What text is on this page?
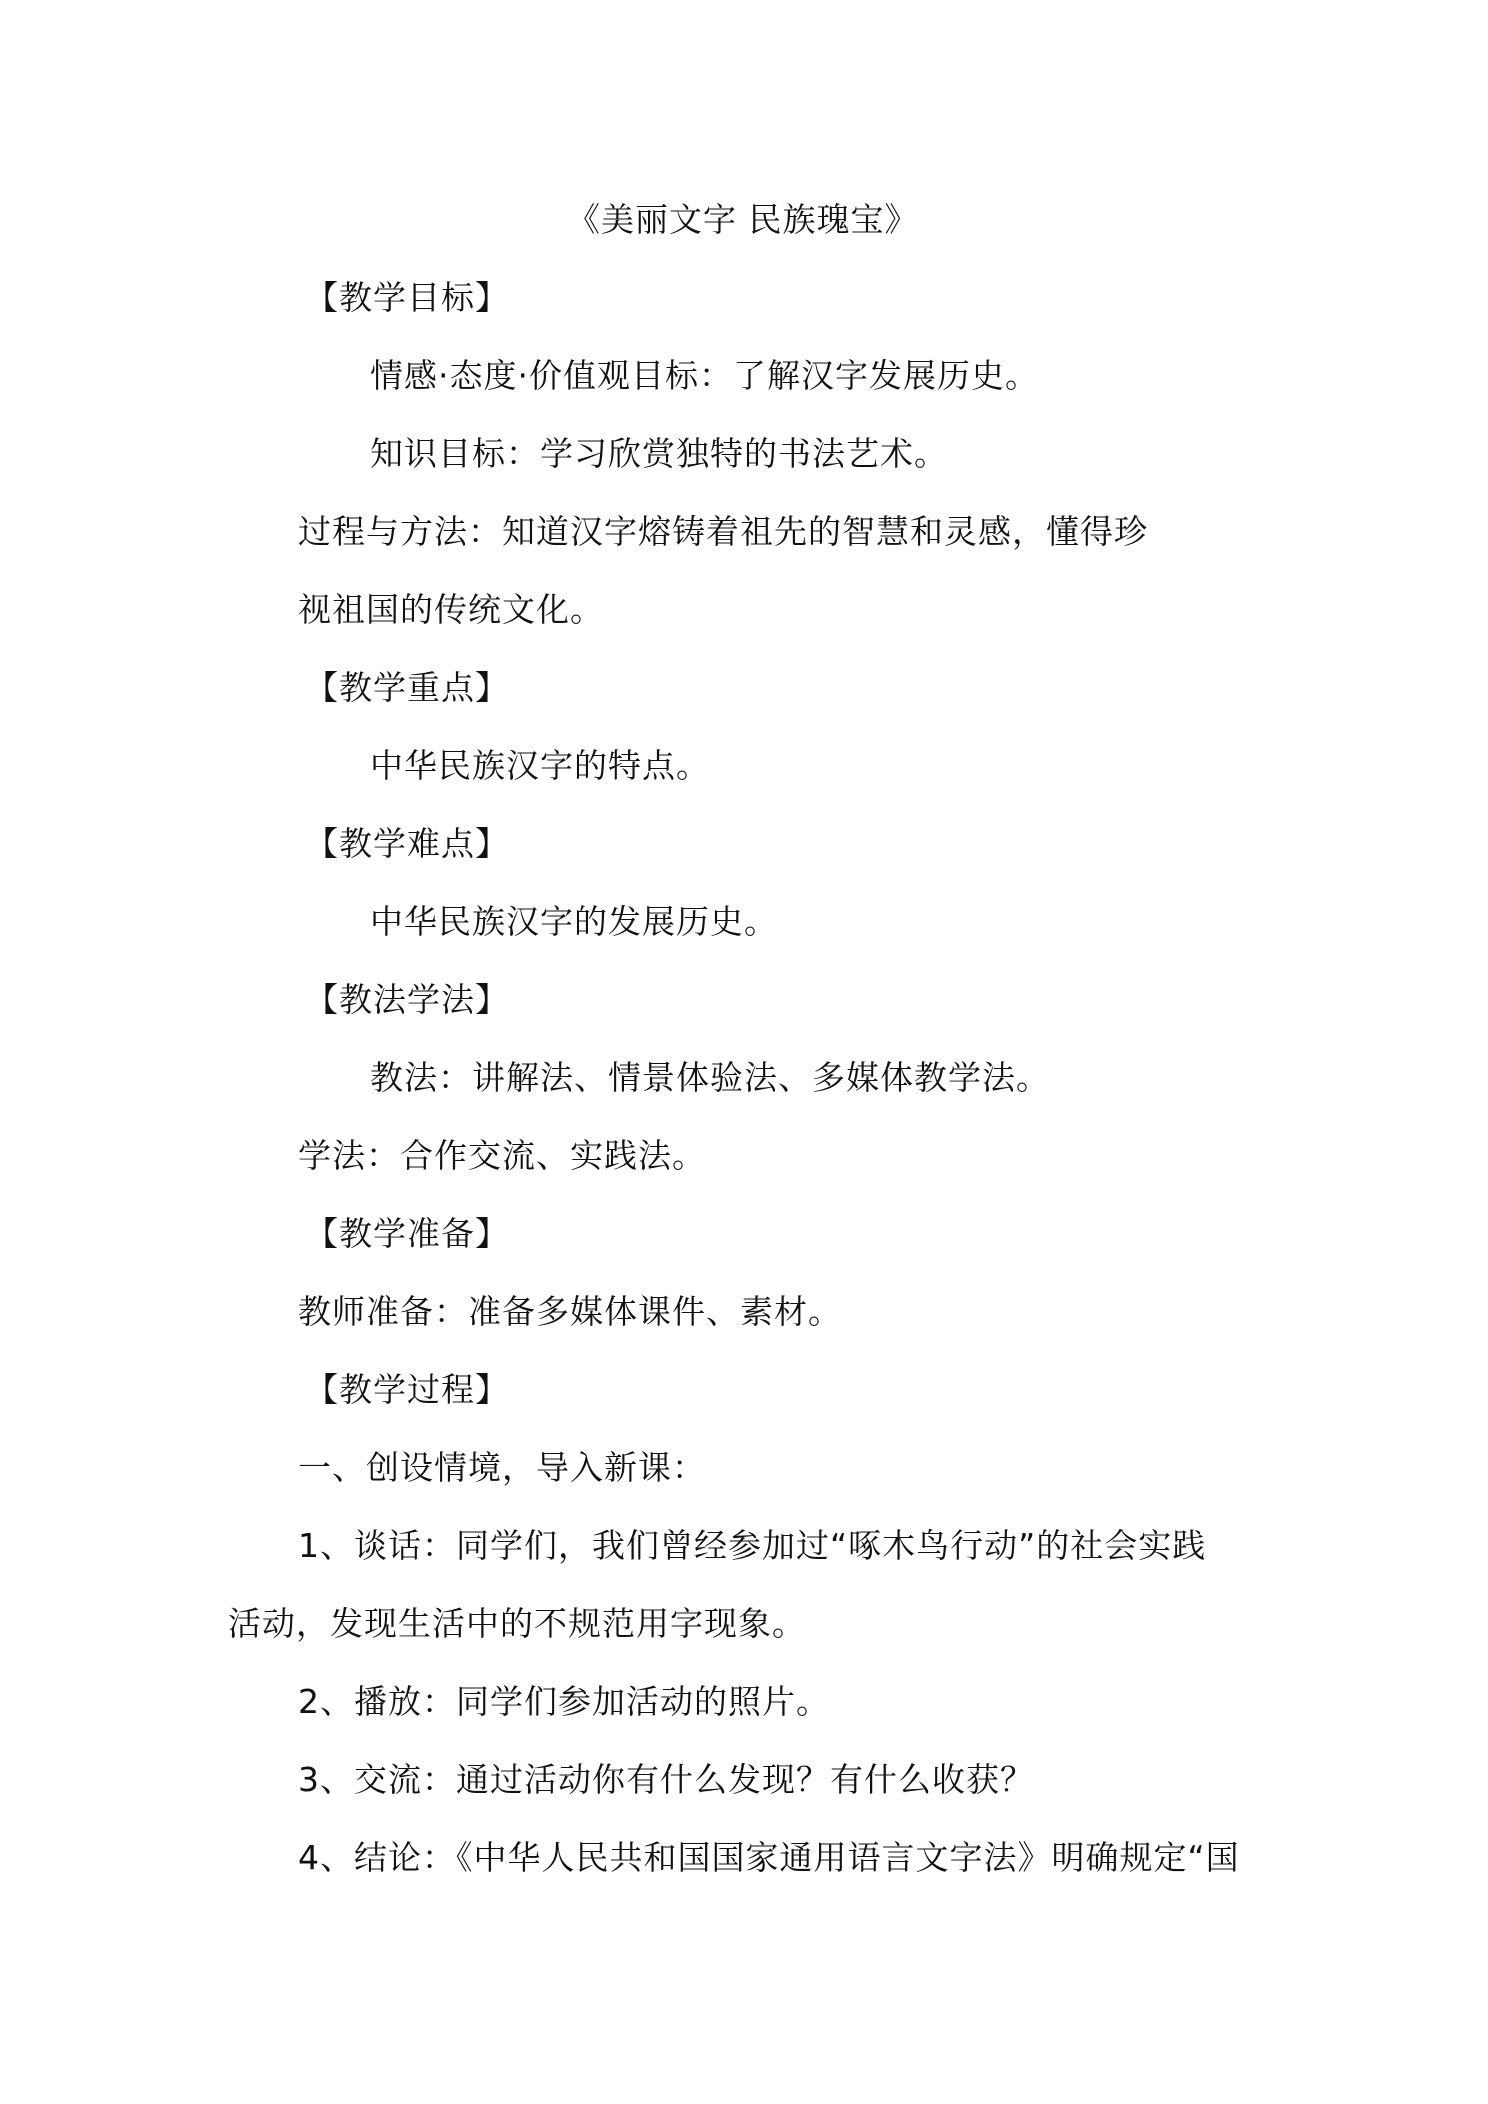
《美丽文字 民族瑰宝》
【教学目标】
情感·态度·价值观目标：了解汉字发展历史。
知识目标：学习欣赏独特的书法艺术。
过程与方法：知道汉字熔铸着祖先的智慧和灵感，懂得珍
视祖国的传统文化。
【教学重点】
中华民族汉字的特点。
【教学难点】
中华民族汉字的发展历史。
【教法学法】
教法：讲解法、情景体验法、多媒体教学法。
学法：合作交流、实践法。
【教学准备】
教师准备：准备多媒体课件、素材。
【教学过程】
一、创设情境，导入新课：
1、谈话：同学们，我们曾经参加过“啄木鸟行动”的社会实践
活动，发现生活中的不规范用字现象。
2、播放：同学们参加活动的照片。
3、交流：通过活动你有什么发现？有什么收获？
4、结论：《中华人民共和国国家通用语言文字法》明确规定“国
